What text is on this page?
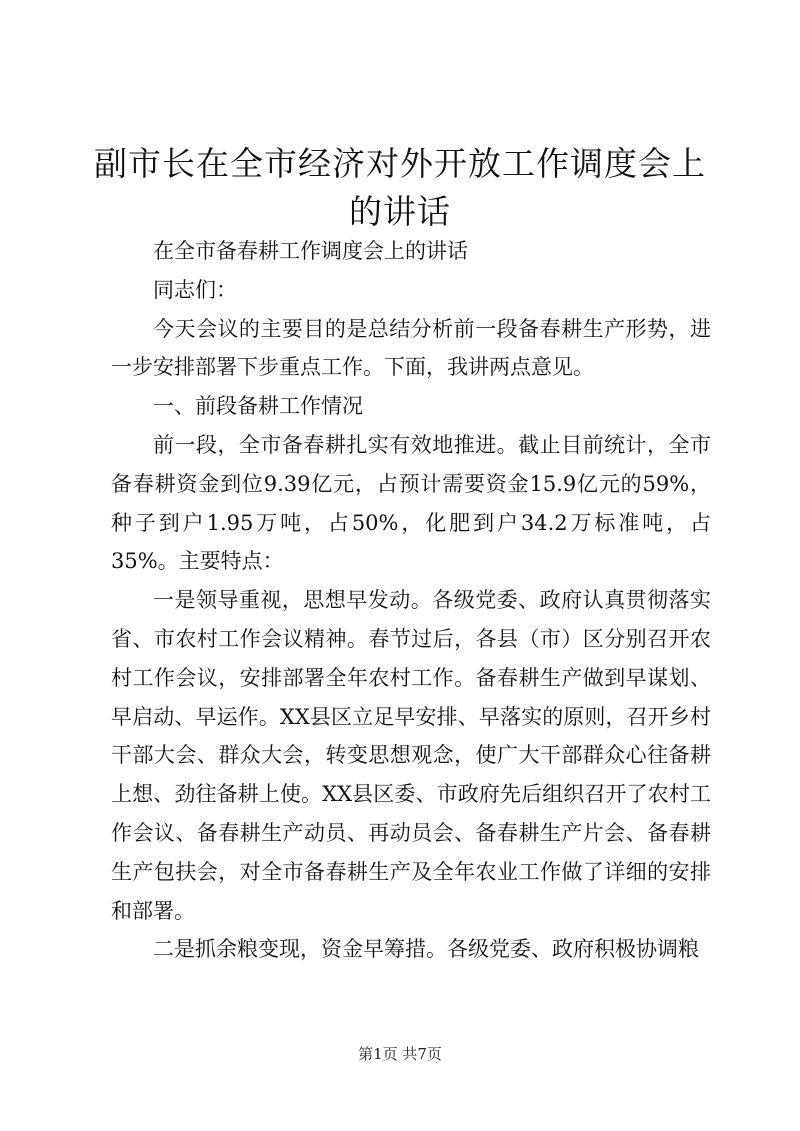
副市长在全市经济对外开放工作调度会上的讲话

在全市备春耕工作调度会上的讲话

同志们：

今天会议的主要目的是总结分析前一段备春耕生产形势，进一步安排部署下步重点工作。下面，我讲两点意见。

一、前段备耕工作情况

前一段，全市备春耕扎实有效地推进。截止目前统计，全市备春耕资金到位9.39亿元，占预计需要资金15.9亿元的59%，种子到户1.95万吨，占50%，化肥到户34.2万标准吨，占35%。主要特点：

一是领导重视，思想早发动。各级党委、政府认真贯彻落实省、市农村工作会议精神。春节过后，各县（市）区分别召开农村工作会议，安排部署全年农村工作。备春耕生产做到早谋划、早启动、早运作。XX县区立足早安排、早落实的原则，召开乡村干部大会、群众大会，转变思想观念，使广大干部群众心往备耕上想、劲往备耕上使。XX县区委、市政府先后组织召开了农村工作会议、备春耕生产动员、再动员会、备春耕生产片会、备春耕生产包扶会，对全市备春耕生产及全年农业工作做了详细的安排和部署。

二是抓余粮变现，资金早筹措。各级党委、政府积极协调粮

第1页 共7页
